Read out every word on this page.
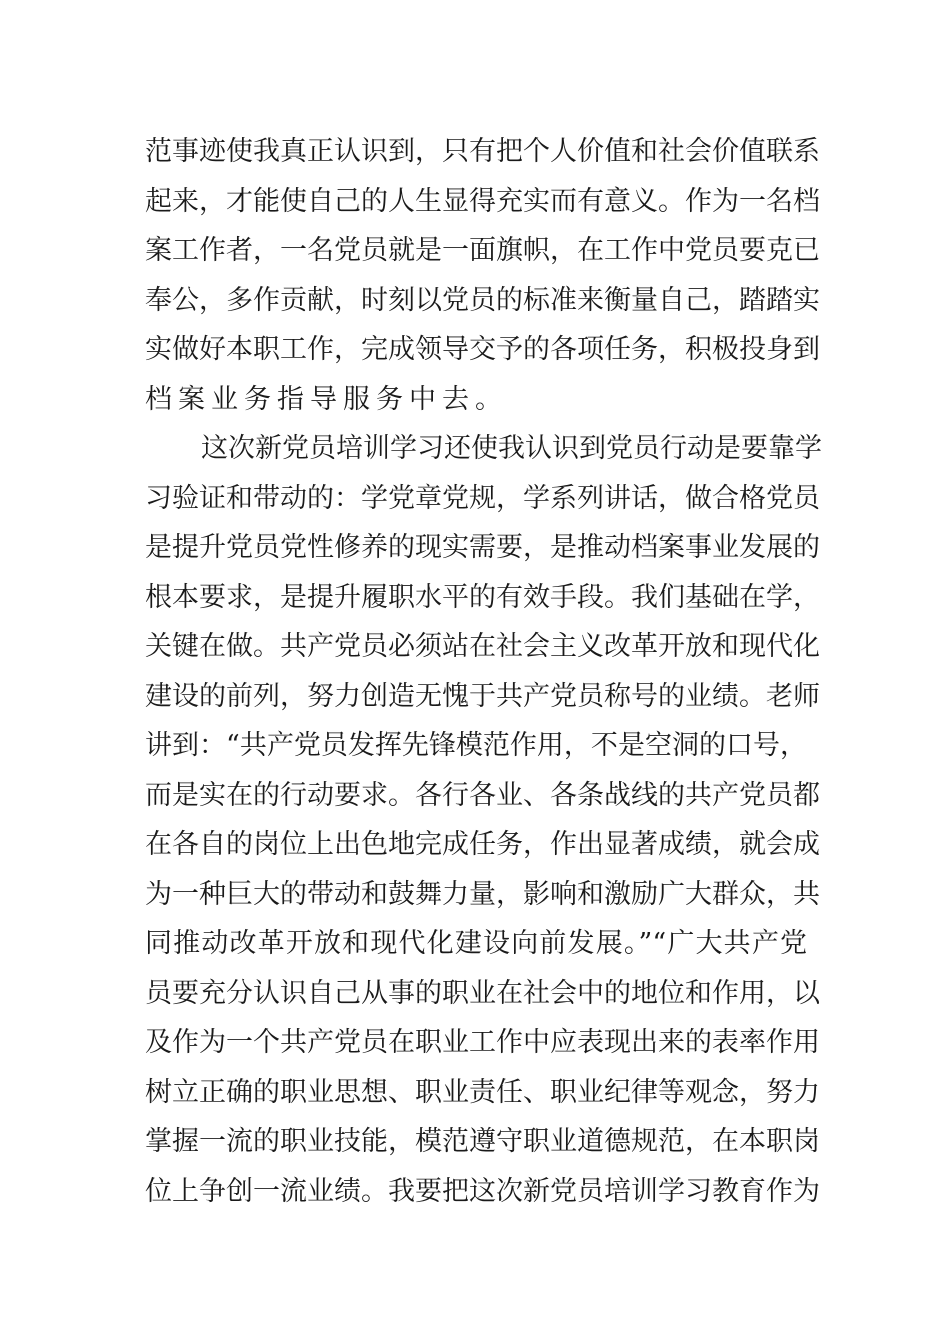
范事迹使我真正认识到，只有把个人价值和社会价值联系
起来，才能使自己的人生显得充实而有意义。作为一名档
案工作者，一名党员就是一面旗帜，在工作中党员要克已
奉公，多作贡献，时刻以党员的标准来衡量自己，踏踏实
实做好本职工作，完成领导交予的各项任务，积极投身到
档案业务指导服务中去。
这次新党员培训学习还使我认识到党员行动是要靠学
习验证和带动的：学党章党规，学系列讲话，做合格党员
是提升党员党性修养的现实需要，是推动档案事业发展的
根本要求，是提升履职水平的有效手段。我们基础在学，
关键在做。共产党员必须站在社会主义改革开放和现代化
建设的前列，努力创造无愧于共产党员称号的业绩。老师
讲到：“共产党员发挥先锋模范作用，不是空洞的口号，
而是实在的行动要求。各行各业、各条战线的共产党员都
在各自的岗位上出色地完成任务，作出显著成绩，就会成
为一种巨大的带动和鼓舞力量，影响和激励广大群众，共
同推动改革开放和现代化建设向前发展。”“广大共产党
员要充分认识自己从事的职业在社会中的地位和作用，以
及作为一个共产党员在职业工作中应表现出来的表率作用
树立正确的职业思想、职业责任、职业纪律等观念，努力
掌握一流的职业技能，模范遵守职业道德规范，在本职岗
位上争创一流业绩。我要把这次新党员培训学习教育作为
